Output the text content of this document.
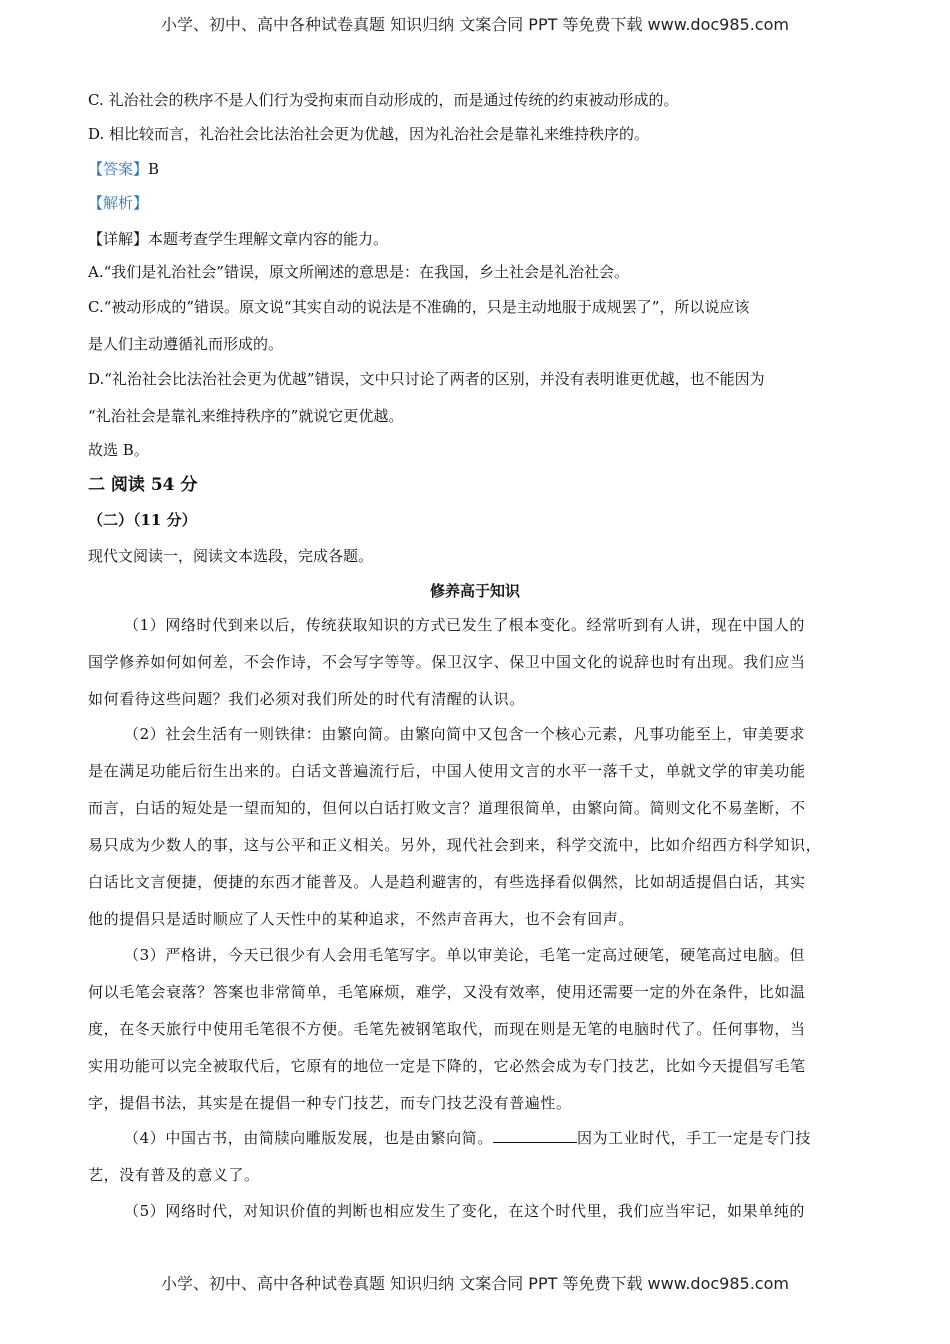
小学、初中、高中各种试卷真题 知识归纳 文案合同 PPT 等免费下载 www.doc985.com
C. 礼治社会的秩序不是人们行为受拘束而自动形成的，而是通过传统的约束被动形成的。
D. 相比较而言，礼治社会比法治社会更为优越，因为礼治社会是靠礼来维持秩序的。
【答案】B
【解析】
【详解】本题考查学生理解文章内容的能力。
A.“我们是礼治社会”错误，原文所阐述的意思是：在我国，乡土社会是礼治社会。
C.“被动形成的”错误。原文说“其实自动的说法是不准确的，只是主动地服于成规罢了”，所以说应该
是人们主动遵循礼而形成的。
D.“礼治社会比法治社会更为优越”错误，文中只讨论了两者的区别，并没有表明谁更优越，也不能因为
“礼治社会是靠礼来维持秩序的”就说它更优越。
故选 B。
二 阅读 54 分
（二）（11 分）
现代文阅读一，阅读文本选段，完成各题。
修养高于知识
（1）网络时代到来以后，传统获取知识的方式已发生了根本变化。经常听到有人讲，现在中国人的
国学修养如何如何差，不会作诗，不会写字等等。保卫汉字、保卫中国文化的说辞也时有出现。我们应当
如何看待这些问题？我们必须对我们所处的时代有清醒的认识。
（2）社会生活有一则铁律：由繁向简。由繁向简中又包含一个核心元素，凡事功能至上，审美要求
是在满足功能后衍生出来的。白话文普遍流行后，中国人使用文言的水平一落千丈，单就文学的审美功能
而言，白话的短处是一望而知的，但何以白话打败文言？道理很简单，由繁向简。简则文化不易垄断，不
易只成为少数人的事，这与公平和正义相关。另外，现代社会到来，科学交流中，比如介绍西方科学知识，
白话比文言便捷，便捷的东西才能普及。人是趋利避害的，有些选择看似偶然，比如胡适提倡白话，其实
他的提倡只是适时顺应了人天性中的某种追求，不然声音再大，也不会有回声。
（3）严格讲，今天已很少有人会用毛笔写字。单以审美论，毛笔一定高过硬笔，硬笔高过电脑。但
何以毛笔会衰落？答案也非常简单，毛笔麻烦，难学，又没有效率，使用还需要一定的外在条件，比如温
度，在冬天旅行中使用毛笔很不方便。毛笔先被钢笔取代，而现在则是无笔的电脑时代了。任何事物，当
实用功能可以完全被取代后，它原有的地位一定是下降的，它必然会成为专门技艺，比如今天提倡写毛笔
字，提倡书法，其实是在提倡一种专门技艺，而专门技艺没有普遍性。
（4）中国古书，由简牍向雕版发展，也是由繁向简。	因为工业时代，手工一定是专门技
艺，没有普及的意义了。
（5）网络时代，对知识价值的判断也相应发生了变化，在这个时代里，我们应当牢记，如果单纯的
小学、初中、高中各种试卷真题 知识归纳 文案合同 PPT 等免费下载 www.doc985.com
